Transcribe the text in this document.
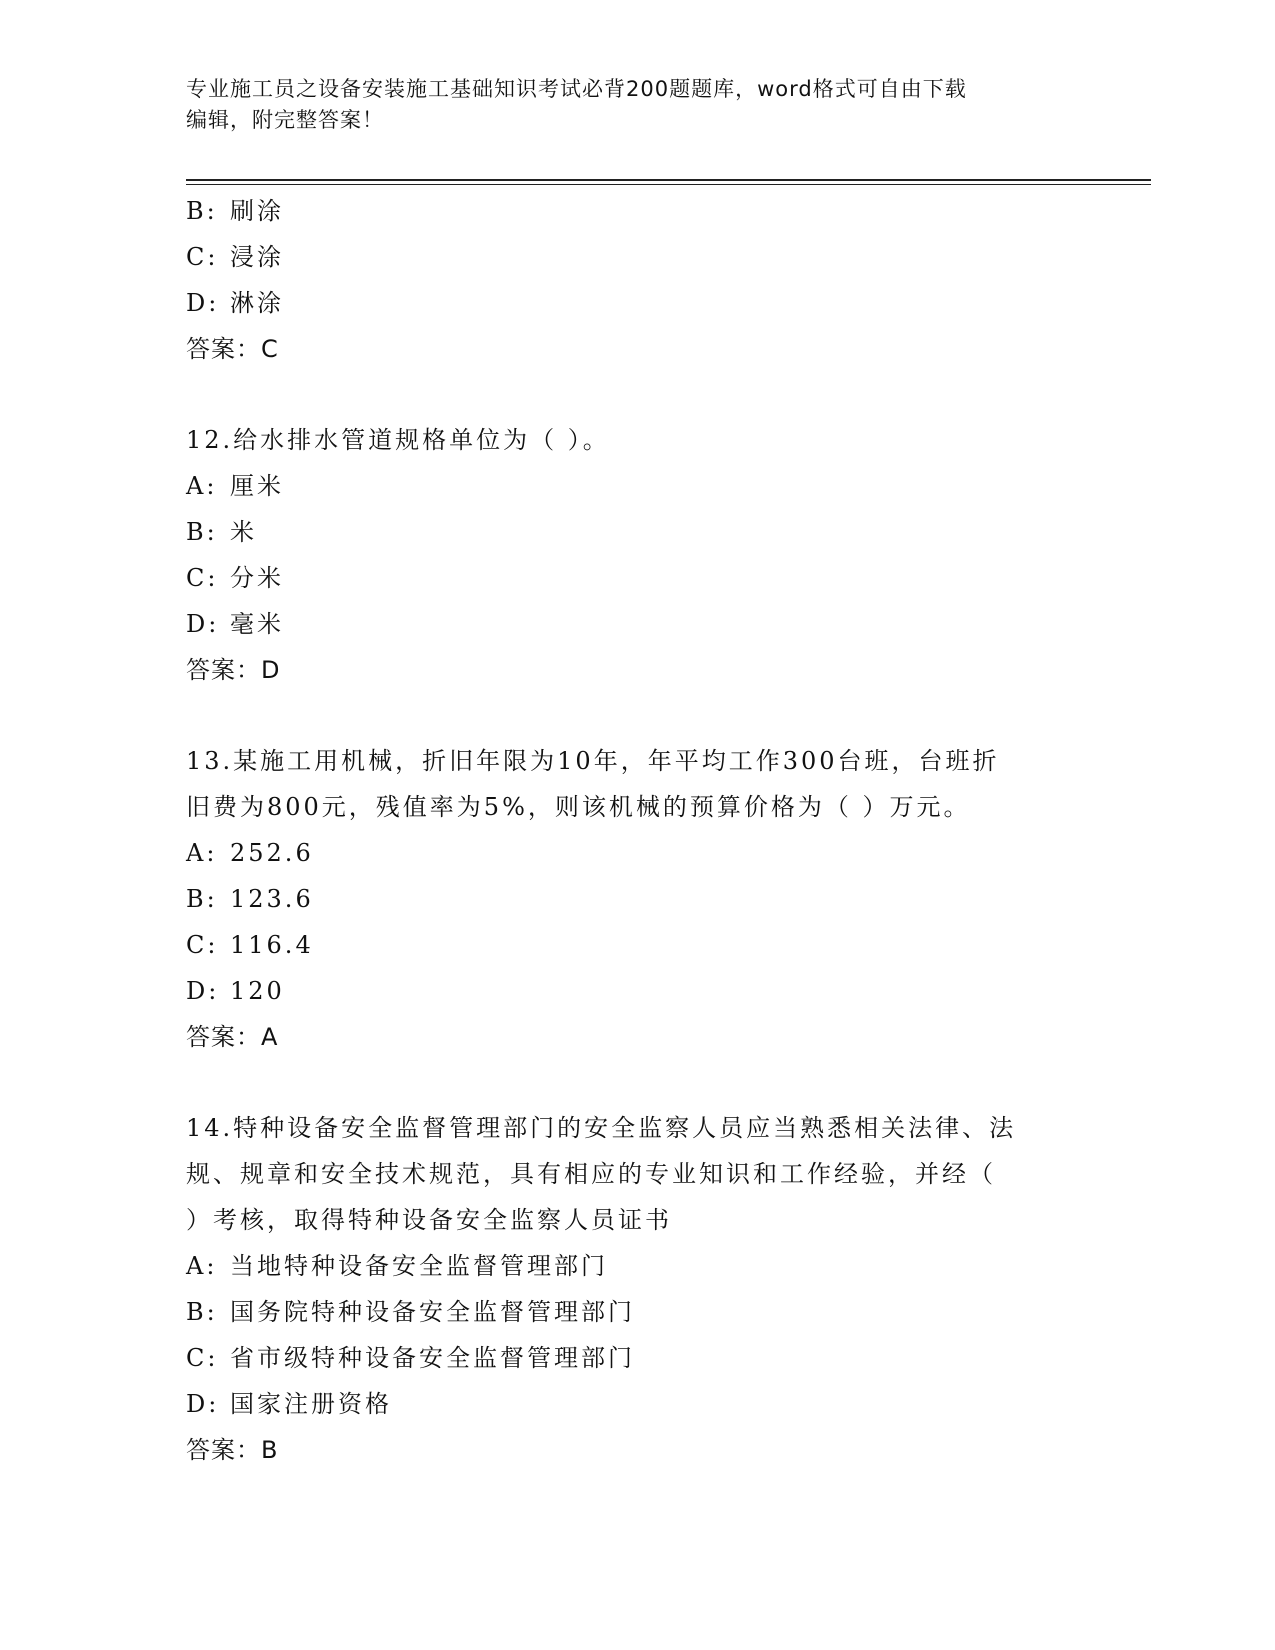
专业施工员之设备安装施工基础知识考试必背200题题库，word格式可自由下载
编辑，附完整答案！
B: 刷涂
C: 浸涂
D: 淋涂
答案：C
12.给水排水管道规格单位为（ ）。
A: 厘米
B: 米
C: 分米
D: 毫米
答案：D
13.某施工用机械，折旧年限为10年，年平均工作300台班，台班折
旧费为800元，残值率为5%，则该机械的预算价格为（ ）万元。
A: 252.6
B: 123.6
C: 116.4
D: 120
答案：A
14.特种设备安全监督管理部门的安全监察人员应当熟悉相关法律、法
规、规章和安全技术规范，具有相应的专业知识和工作经验，并经（
）考核，取得特种设备安全监察人员证书
A: 当地特种设备安全监督管理部门
B: 国务院特种设备安全监督管理部门
C: 省市级特种设备安全监督管理部门
D: 国家注册资格
答案：B
